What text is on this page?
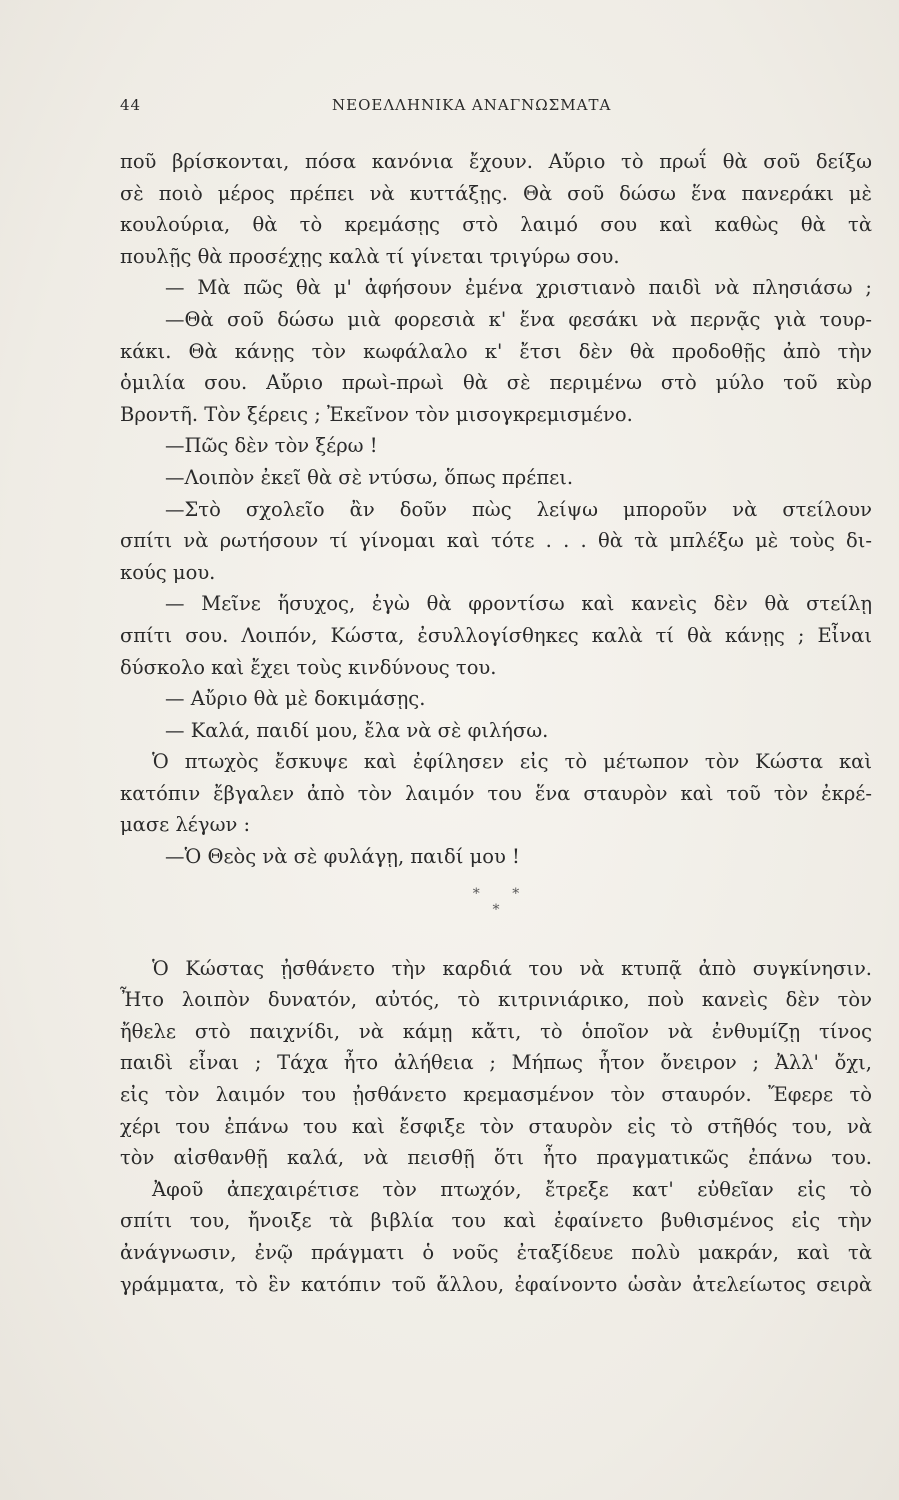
44	ΝΕΟΕΛΛΗΝΙΚΑ ΑΝΑΓΝΩΣΜΑΤΑ
ποῦ βρίσκονται, πόσα κανόνια ἔχουν. Αὔριο τὸ πρωΐ θὰ σοῦ δείξω
σὲ ποιὸ μέρος πρέπει νὰ κυττάξῃς. Θὰ σοῦ δώσω ἕνα πανεράκι μὲ
κουλούρια, θὰ τὸ κρεμάσῃς στὸ λαιμό σου καὶ καθὼς θὰ τὰ
πουλῇς θὰ προσέχῃς καλὰ τί γίνεται τριγύρω σου.
— Μὰ πῶς θὰ μ' ἀφήσουν ἐμένα χριστιανὸ παιδὶ νὰ πλησιάσω ;
—Θὰ σοῦ δώσω μιὰ φορεσιὰ κ' ἕνα φεσάκι νὰ περνᾷς γιὰ τουρ-
κάκι. Θὰ κάνῃς τὸν κωφάλαλο κ' ἔτσι δὲν θὰ προδοθῇς ἀπὸ τὴν
ὁμιλία σου. Αὔριο πρωὶ-πρωὶ θὰ σὲ περιμένω στὸ μύλο τοῦ κὺρ
Βροντῆ. Τὸν ξέρεις ; Ἐκεῖνον τὸν μισογκρεμισμένο.
—Πῶς δὲν τὸν ξέρω !
—Λοιπὸν ἐκεῖ θὰ σὲ ντύσω, ὅπως πρέπει.
—Στὸ σχολεῖο ἂν δοῦν πὼς λείψω μποροῦν νὰ στείλουν
σπίτι νὰ ρωτήσουν τί γίνομαι καὶ τότε . . . θὰ τὰ μπλέξω μὲ τοὺς δι-
κούς μου.
— Μεῖνε ἥσυχος, ἐγὼ θὰ φροντίσω καὶ κανεὶς δὲν θὰ στείλῃ
σπίτι σου. Λοιπόν, Κώστα, ἐσυλλογίσθηκες καλὰ τί θὰ κάνῃς ; Εἶναι
δύσκολο καὶ ἔχει τοὺς κινδύνους του.
— Αὔριο θὰ μὲ δοκιμάσῃς.
— Καλά, παιδί μου, ἔλα νὰ σὲ φιλήσω.
Ὁ πτωχὸς ἔσκυψε καὶ ἐφίλησεν εἰς τὸ μέτωπον τὸν Κώστα καὶ
κατόπιν ἔβγαλεν ἀπὸ τὸν λαιμόν του ἕνα σταυρὸν καὶ τοῦ τὸν ἐκρέ-
μασε λέγων :
—Ὁ Θεὸς νὰ σὲ φυλάγῃ, παιδί μου !
* *
*
Ὁ Κώστας ᾐσθάνετο τὴν καρδιά του νὰ κτυπᾷ ἀπὸ συγκίνησιν.
Ἦτο λοιπὸν δυνατόν, αὐτός, τὸ κιτρινιάρικο, ποὺ κανεὶς δὲν τὸν
ἤθελε στὸ παιχνίδι, νὰ κάμῃ κἄτι, τὸ ὁποῖον νὰ ἐνθυμίζῃ τίνος
παιδὶ εἶναι ; Τάχα ἦτο ἀλήθεια ; Μήπως ἦτον ὄνειρον ; Ἀλλ' ὄχι,
εἰς τὸν λαιμόν του ᾐσθάνετο κρεμασμένον τὸν σταυρόν. Ἔφερε τὸ
χέρι του ἐπάνω του καὶ ἔσφιξε τὸν σταυρὸν εἰς τὸ στῆθός του, νὰ
τὸν αἰσθανθῇ καλά, νὰ πεισθῇ ὅτι ἦτο πραγματικῶς ἐπάνω του.
Ἀφοῦ ἀπεχαιρέτισε τὸν πτωχόν, ἔτρεξε κατ' εὐθεῖαν εἰς τὸ
σπίτι του, ἤνοιξε τὰ βιβλία του καὶ ἐφαίνετο βυθισμένος εἰς τὴν
ἀνάγνωσιν, ἐνῷ πράγματι ὁ νοῦς ἐταξίδευε πολὺ μακράν, καὶ τὰ
γράμματα, τὸ ἓν κατόπιν τοῦ ἄλλου, ἐφαίνοντο ὡσὰν ἀτελείωτος σειρὰ
